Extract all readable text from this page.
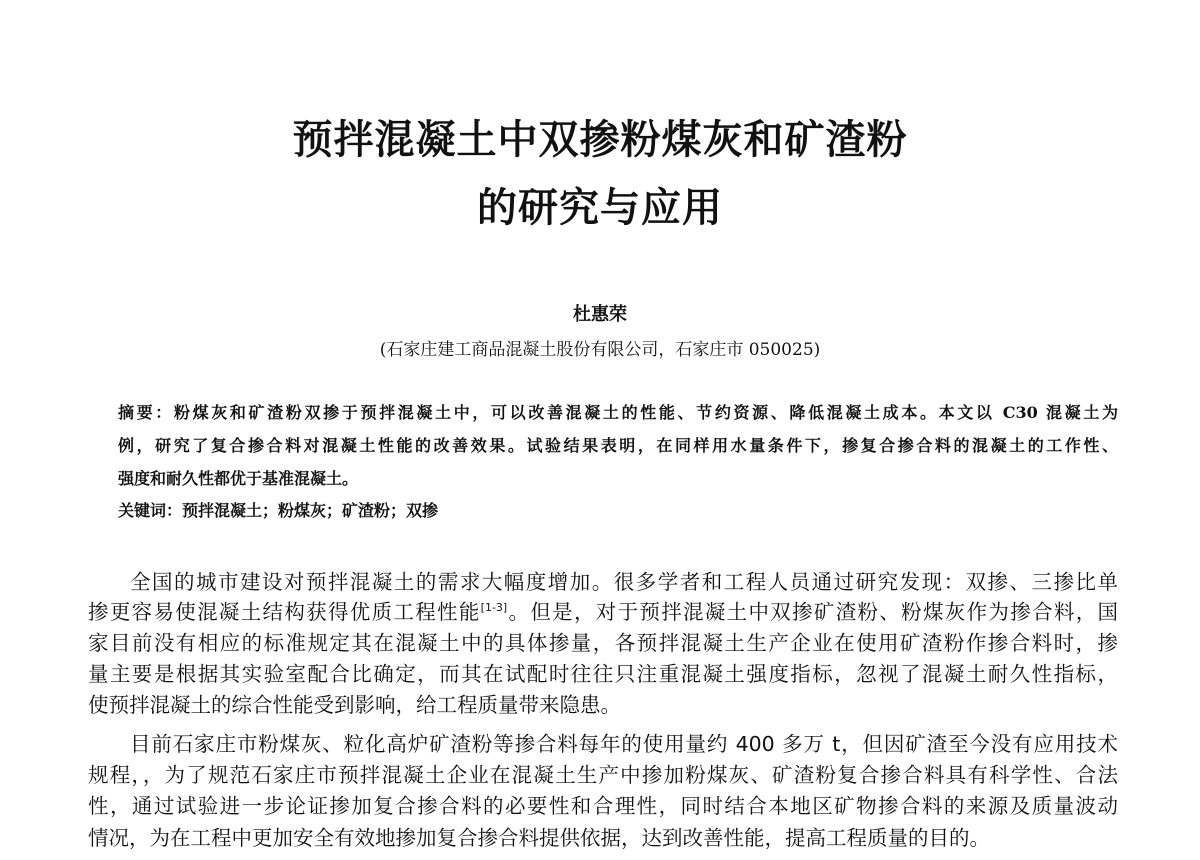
预拌混凝土中双掺粉煤灰和矿渣粉
的研究与应用
杜惠荣
(石家庄建工商品混凝土股份有限公司，石家庄市 050025)
摘要：粉煤灰和矿渣粉双掺于预拌混凝土中，可以改善混凝土的性能、节约资源、降低混凝土成本。本文以 C30 混凝土为
例，研究了复合掺合料对混凝土性能的改善效果。试验结果表明，在同样用水量条件下，掺复合掺合料的混凝土的工作性、
强度和耐久性都优于基准混凝土。
关键词：预拌混凝土；粉煤灰；矿渣粉；双掺
全国的城市建设对预拌混凝土的需求大幅度增加。很多学者和工程人员通过研究发现：双掺、三掺比单
掺更容易使混凝土结构获得优质工程性能[1-3]。但是，对于预拌混凝土中双掺矿渣粉、粉煤灰作为掺合料，国
家目前没有相应的标准规定其在混凝土中的具体掺量，各预拌混凝土生产企业在使用矿渣粉作掺合料时，掺
量主要是根据其实验室配合比确定，而其在试配时往往只注重混凝土强度指标，忽视了混凝土耐久性指标，
使预拌混凝土的综合性能受到影响，给工程质量带来隐患。
目前石家庄市粉煤灰、粒化高炉矿渣粉等掺合料每年的使用量约 400 多万 t，但因矿渣至今没有应用技术
规程，，为了规范石家庄市预拌混凝土企业在混凝土生产中掺加粉煤灰、矿渣粉复合掺合料具有科学性、合法
性，通过试验进一步论证掺加复合掺合料的必要性和合理性，同时结合本地区矿物掺合料的来源及质量波动
情况，为在工程中更加安全有效地掺加复合掺合料提供依据，达到改善性能，提高工程质量的目的。
